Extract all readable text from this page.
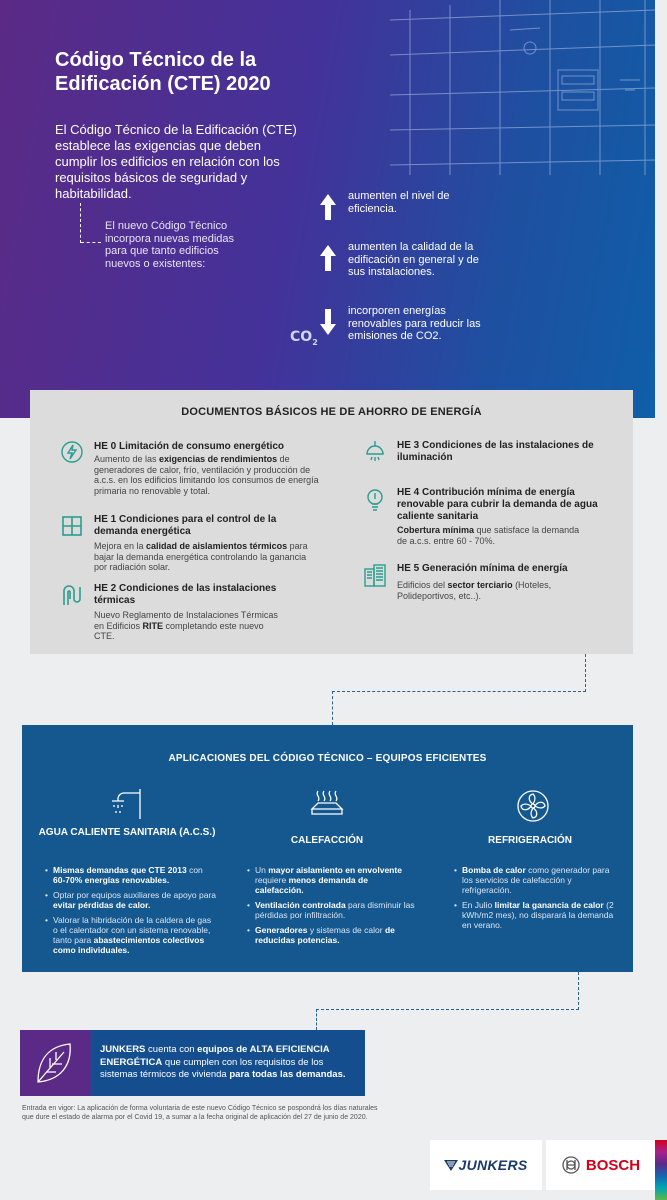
Código Técnico de la Edificación (CTE) 2020

El Código Técnico de la Edificación (CTE) establece las exigencias que deben cumplir los edificios en relación con los requisitos básicos de seguridad y habitabilidad.

El nuevo Código Técnico incorpora nuevas medidas para que tanto edificios nuevos o existentes:

aumenten el nivel de eficiencia.
aumenten la calidad de la edificación en general y de sus instalaciones.
incorporen energías renovables para reducir las emisiones de CO2.
$CO_2$
DOCUMENTOS BÁSICOS HE DE AHORRO DE ENERGÍA
HE 0 Limitación de consumo energético
Aumento de las exigencias de rendimientos de generadores de calor, frío, ventilación y producción de a.c.s. en los edificios limitando los consumos de energía primaria no renovable y total.
HE 1 Condiciones para el control de la demanda energética
Mejora en la calidad de aislamientos térmicos para bajar la demanda energética controlando la ganancia por radiación solar.
HE 2 Condiciones de las instalaciones térmicas
Nuevo Reglamento de Instalaciones Térmicas en Edificios RITE completando este nuevo CTE.
HE 3 Condiciones de las instalaciones de iluminación
HE 4 Contribución mínima de energía renovable para cubrir la demanda de agua caliente sanitaria
Cobertura mínima que satisface la demanda de a.c.s. entre 60 - 70%.
HE 5 Generación mínima de energía
Edificios del sector terciario (Hoteles, Polideportivos, etc..).
APLICACIONES DEL CÓDIGO TÉCNICO – EQUIPOS EFICIENTES
AGUA CALIENTE SANITARIA (A.C.S.)
• Mismas demandas que CTE 2013 con 60-70% energías renovables.
• Optar por equipos auxiliares de apoyo para evitar pérdidas de calor.
• Valorar la hibridación de la caldera de gas o el calentador con un sistema renovable, tanto para abastecimientos colectivos como individuales.
CALEFACCIÓN
• Un mayor aislamiento en envolvente requiere menos demanda de calefacción.
• Ventilación controlada para disminuir las pérdidas por infiltración.
• Generadores y sistemas de calor de reducidas potencias.
REFRIGERACIÓN
• Bomba de calor como generador para los servicios de calefacción y refrigeración.
• En Julio limitar la ganancia de calor (2 kWh/m2 mes), no disparará la demanda en verano.

JUNKERS cuenta con equipos de ALTA EFICIENCIA ENERGÉTICA que cumplen con los requisitos de los sistemas térmicos de vivienda para todas las demandas.

Entrada en vigor: La aplicación de forma voluntaria de este nuevo Código Técnico se pospondrá los días naturales que dure el estado de alarma por el Covid 19, a sumar a la fecha original de aplicación del 27 de junio de 2020.

JUNKERS	BOSCH
